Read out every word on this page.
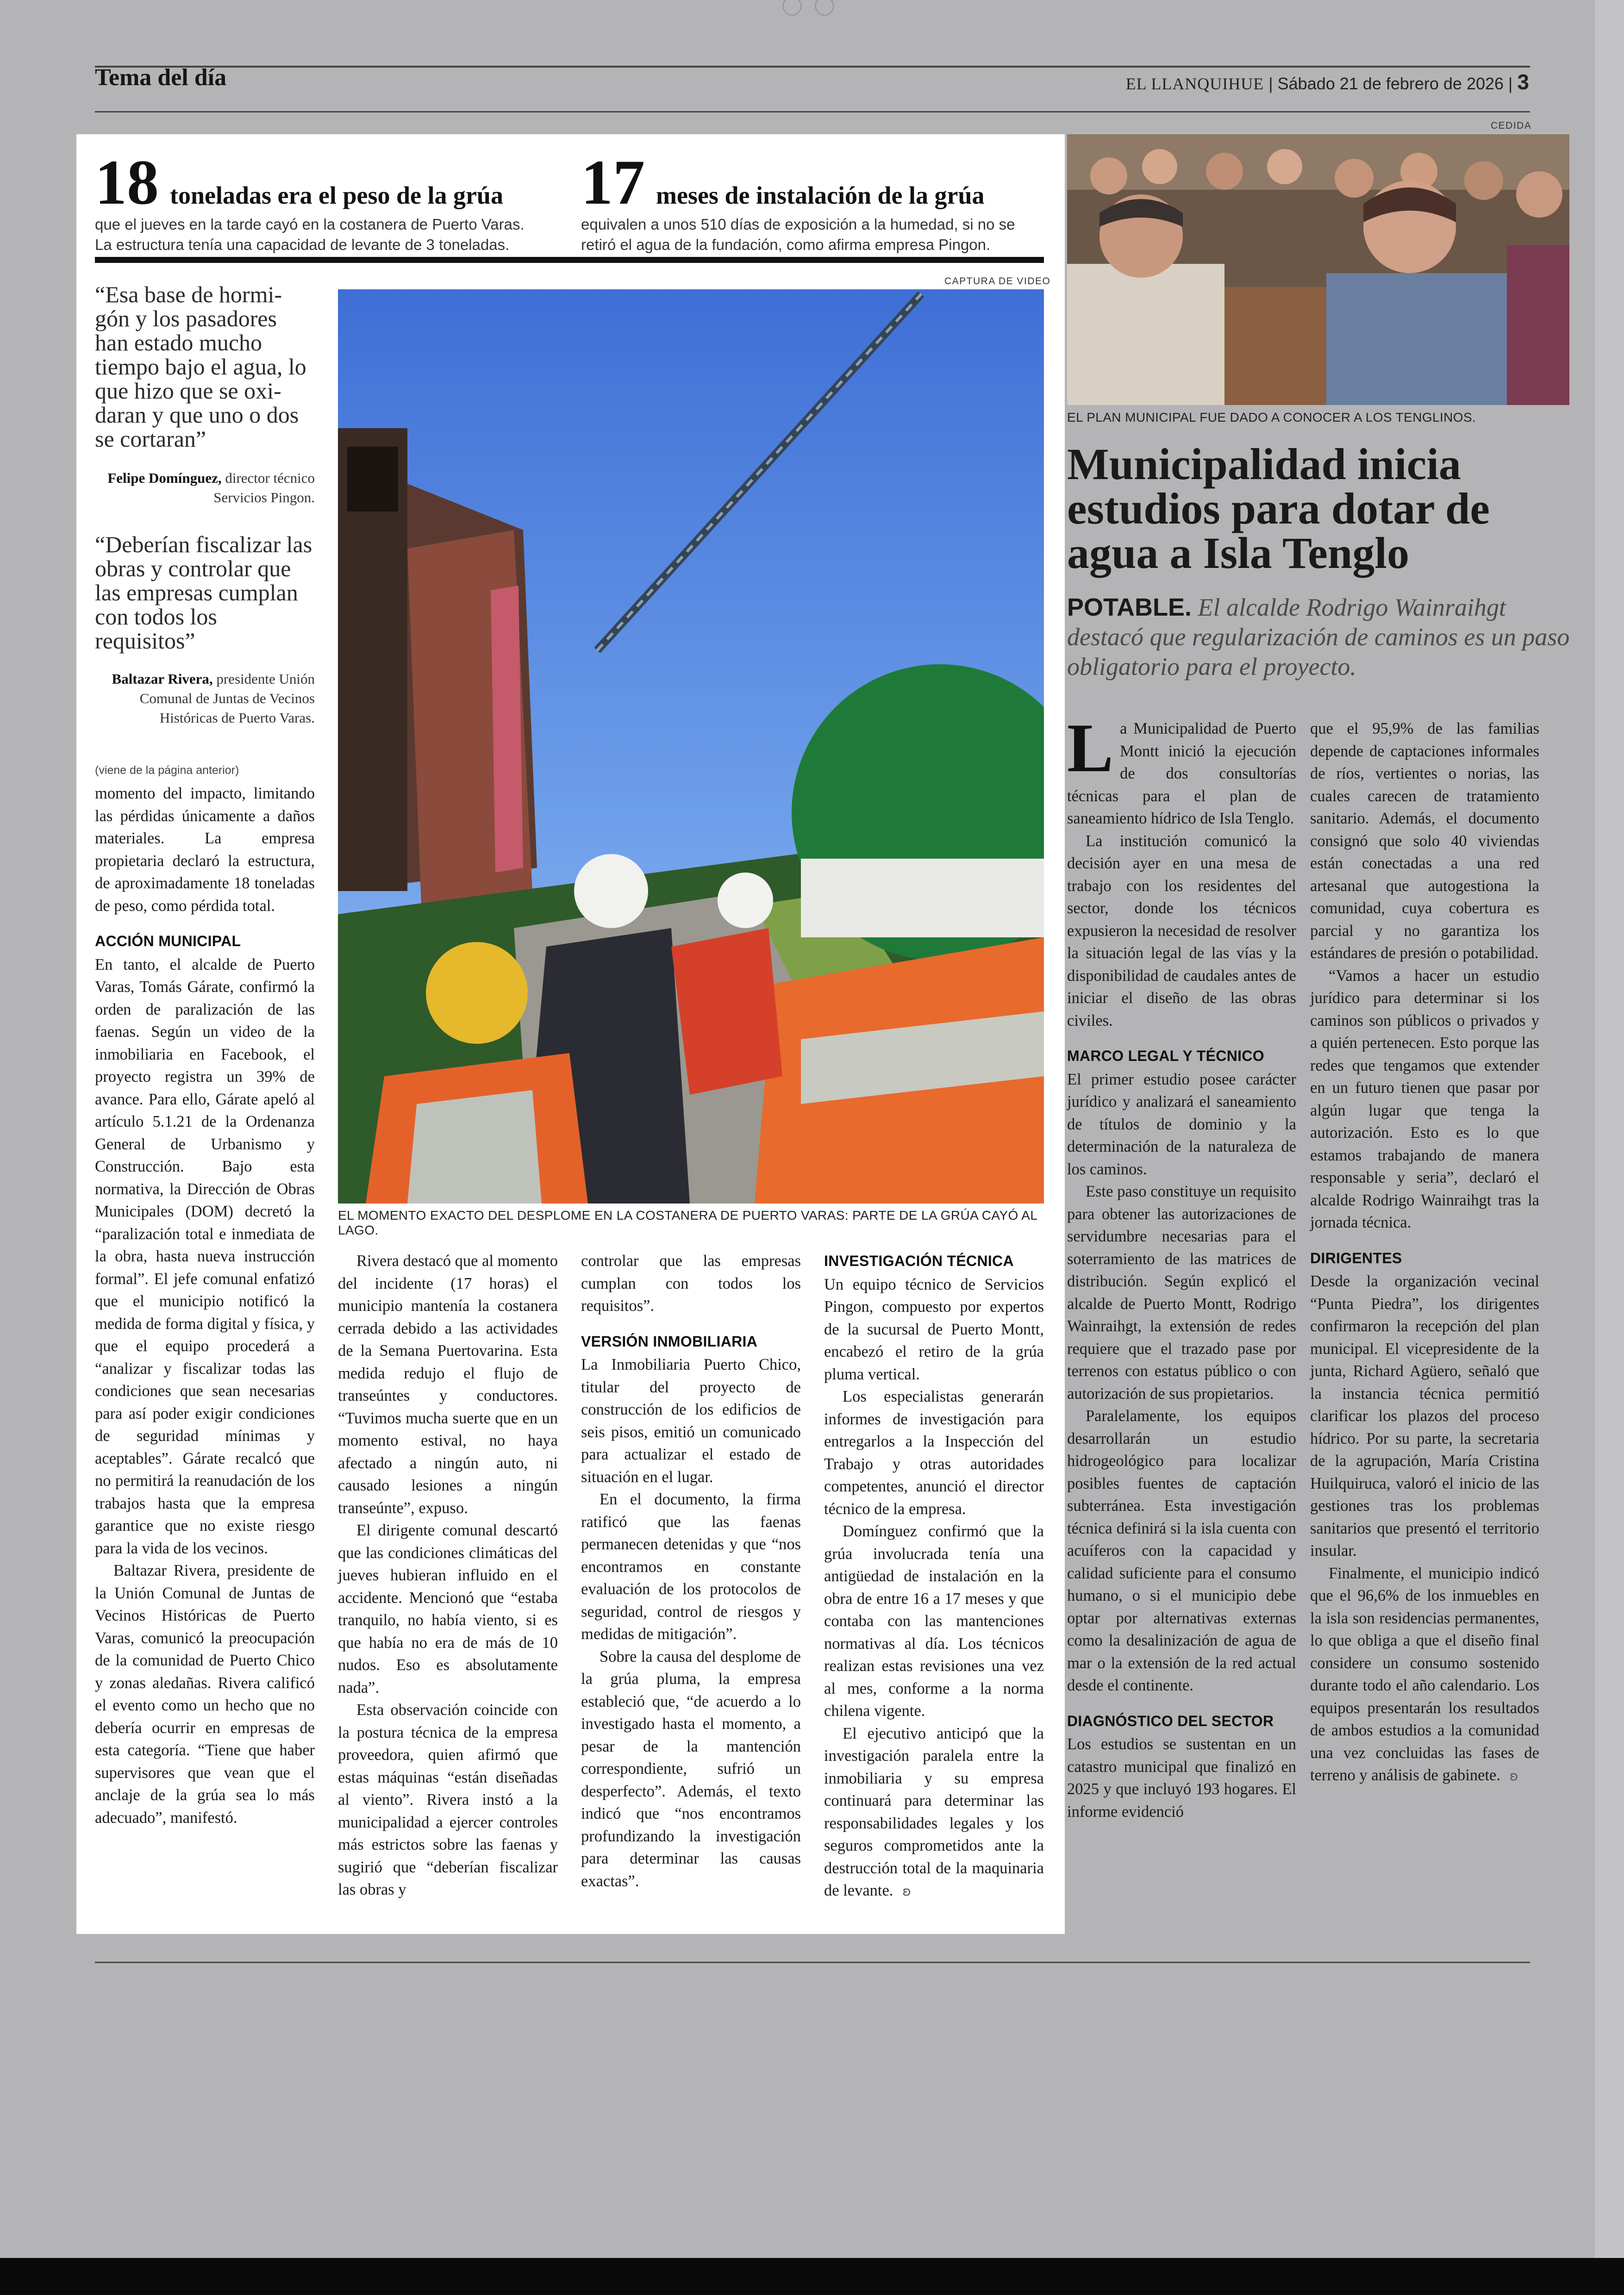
Tema del día	EL LLANQUIHUE | Sábado 21 de febrero de 2026 | 3
18 toneladas era el peso de la grúa
que el jueves en la tarde cayó en la costanera de Puerto Varas.
La estructura tenía una capacidad de levante de 3 toneladas.
17 meses de instalación de la grúa
equivalen a unos 510 días de exposición a la humedad, si no se
retiró el agua de la fundación, como afirma empresa Pingon.
“Esa base de hormi-gón y los pasadores han estado mucho tiempo bajo el agua, lo que hizo que se oxi-daran y que uno o dos se cortaran”
Felipe Domínguez, director técnico Servicios Pingon.
“Deberían fiscalizar las obras y controlar que las empresas cumplan con todos los requisitos”
Baltazar Rivera, presidente Unión Comunal de Juntas de Vecinos Históricas de Puerto Varas.
CAPTURA DE VIDEO
EL MOMENTO EXACTO DEL DESPLOME EN LA COSTANERA DE PUERTO VARAS: PARTE DE LA GRÚA CAYÓ AL LAGO.
(viene de la página anterior)

momento del impacto, limitando las pérdidas únicamente a daños materiales. La empresa propietaria declaró la estructura, de aproximadamente 18 toneladas de peso, como pérdida total.

ACCIÓN MUNICIPAL

En tanto, el alcalde de Puerto Varas, Tomás Gárate, confirmó la orden de paralización de las faenas. Según un video de la inmobiliaria en Facebook, el proyecto registra un 39% de avance. Para ello, Gárate apeló al artículo 5.1.21 de la Ordenanza General de Urbanismo y Construcción. Bajo esta normativa, la Dirección de Obras Municipales (DOM) decretó la “paralización total e inmediata de la obra, hasta nueva instrucción formal”. El jefe comunal enfatizó que el municipio notificó la medida de forma digital y física, y que el equipo procederá a “analizar y fiscalizar todas las condiciones que sean necesarias para así poder exigir condiciones de seguridad mínimas y aceptables”. Gárate recalcó que no permitirá la reanudación de los trabajos hasta que la empresa garantice que no existe riesgo para la vida de los vecinos.

Baltazar Rivera, presidente de la Unión Comunal de Juntas de Vecinos Históricas de Puerto Varas, comunicó la preocupación de la comunidad de Puerto Chico y zonas aledañas. Rivera calificó el evento como un hecho que no debería ocurrir en empresas de esta categoría. “Tiene que haber supervisores que vean que el anclaje de la grúa sea lo más adecuado”, manifestó.

Rivera destacó que al momento del incidente (17 horas) el municipio mantenía la costanera cerrada debido a las actividades de la Semana Puertovarina. Esta medida redujo el flujo de transeúntes y conductores. “Tuvimos mucha suerte que en un momento estival, no haya afectado a ningún auto, ni causado lesiones a ningún transeúnte”, expuso.

El dirigente comunal descartó que las condiciones climáticas del jueves hubieran influido en el accidente. Mencionó que “estaba tranquilo, no había viento, si es que había no era de más de 10 nudos. Eso es absolutamente nada”.

Esta observación coincide con la postura técnica de la empresa proveedora, quien afirmó que estas máquinas “están diseñadas al viento”. Rivera instó a la municipalidad a ejercer controles más estrictos sobre las faenas y sugirió que “deberían fiscalizar las obras y

controlar que las empresas cumplan con todos los requisitos”.

VERSIÓN INMOBILIARIA

La Inmobiliaria Puerto Chico, titular del proyecto de construcción de los edificios de seis pisos, emitió un comunicado para actualizar el estado de situación en el lugar.

En el documento, la firma ratificó que las faenas permanecen detenidas y que “nos encontramos en constante evaluación de los protocolos de seguridad, control de riesgos y medidas de mitigación”.

Sobre la causa del desplome de la grúa pluma, la empresa estableció que, “de acuerdo a lo investigado hasta el momento, a pesar de la mantención correspondiente, sufrió un desperfecto”. Además, el texto indicó que “nos encontramos profundizando la investigación para determinar las causas exactas”.

INVESTIGACIÓN TÉCNICA

Un equipo técnico de Servicios Pingon, compuesto por expertos de la sucursal de Puerto Montt, encabezó el retiro de la grúa pluma vertical.

Los especialistas generarán informes de investigación para entregarlos a la Inspección del Trabajo y otras autoridades competentes, anunció el director técnico de la empresa.

Domínguez confirmó que la grúa involucrada tenía una antigüedad de instalación en la obra de entre 16 a 17 meses y que contaba con las mantenciones normativas al día. Los técnicos realizan estas revisiones una vez al mes, conforme a la norma chilena vigente.

El ejecutivo anticipó que la investigación paralela entre la inmobiliaria y su empresa continuará para determinar las responsabilidades legales y los seguros comprometidos ante la destrucción total de la maquinaria de levante. ʚ

CEDIDA
EL PLAN MUNICIPAL FUE DADO A CONOCER A LOS TENGLINOS.
Municipalidad inicia estudios para dotar de agua a Isla Tenglo
POTABLE. El alcalde Rodrigo Wainraihgt destacó que regularización de caminos es un paso obligatorio para el proyecto.

La Municipalidad de Puerto Montt inició la ejecución de dos consultorías técnicas para el plan de saneamiento hídrico de Isla Tenglo.

La institución comunicó la decisión ayer en una mesa de trabajo con los residentes del sector, donde los técnicos expusieron la necesidad de resolver la situación legal de las vías y la disponibilidad de caudales antes de iniciar el diseño de las obras civiles.

MARCO LEGAL Y TÉCNICO

El primer estudio posee carácter jurídico y analizará el saneamiento de títulos de dominio y la determinación de la naturaleza de los caminos.

Este paso constituye un requisito para obtener las autorizaciones de servidumbre necesarias para el soterramiento de las matrices de distribución. Según explicó el alcalde de Puerto Montt, Rodrigo Wainraihgt, la extensión de redes requiere que el trazado pase por terrenos con estatus público o con autorización de sus propietarios.

Paralelamente, los equipos desarrollarán un estudio hidrogeológico para localizar posibles fuentes de captación subterránea. Esta investigación técnica definirá si la isla cuenta con acuíferos con la capacidad y calidad suficiente para el consumo humano, o si el municipio debe optar por alternativas externas como la desalinización de agua de mar o la extensión de la red actual desde el continente.

DIAGNÓSTICO DEL SECTOR

Los estudios se sustentan en un catastro municipal que finalizó en 2025 y que incluyó 193 hogares. El informe evidenció

que el 95,9% de las familias depende de captaciones informales de ríos, vertientes o norias, las cuales carecen de tratamiento sanitario. Además, el documento consignó que solo 40 viviendas están conectadas a una red artesanal que autogestiona la comunidad, cuya cobertura es parcial y no garantiza los estándares de presión o potabilidad.

“Vamos a hacer un estudio jurídico para determinar si los caminos son públicos o privados y a quién pertenecen. Esto porque las redes que tengamos que extender en un futuro tienen que pasar por algún lugar que tenga la autorización. Esto es lo que estamos trabajando de manera responsable y seria”, declaró el alcalde Rodrigo Wainraihgt tras la jornada técnica.

DIRIGENTES

Desde la organización vecinal “Punta Piedra”, los dirigentes confirmaron la recepción del plan municipal. El vicepresidente de la junta, Richard Agüero, señaló que la instancia técnica permitió clarificar los plazos del proceso hídrico. Por su parte, la secretaria de la agrupación, María Cristina Huilquiruca, valoró el inicio de las gestiones tras los problemas sanitarios que presentó el territorio insular.

Finalmente, el municipio indicó que el 96,6% de los inmuebles en la isla son residencias permanentes, lo que obliga a que el diseño final considere un consumo sostenido durante todo el año calendario. Los equipos presentarán los resultados de ambos estudios a la comunidad una vez concluidas las fases de terreno y análisis de gabinete. ʚ
